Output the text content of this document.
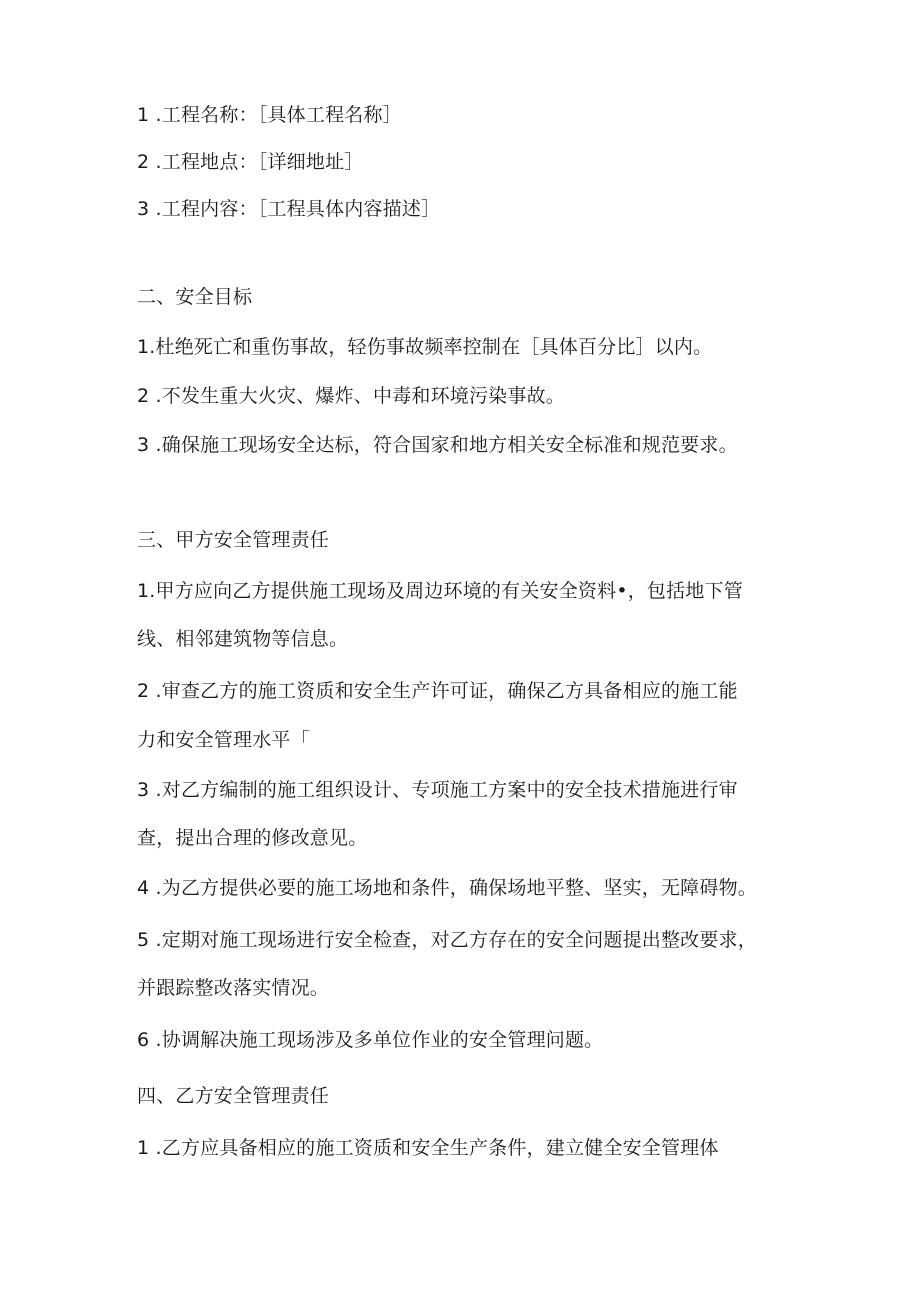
1 .工程名称：［具体工程名称］
2 .工程地点：［详细地址］
3 .工程内容：［工程具体内容描述］
二、安全目标
1.杜绝死亡和重伤事故，轻伤事故频率控制在［具体百分比］以内。
2 .不发生重大火灾、爆炸、中毒和环境污染事故。
3 .确保施工现场安全达标，符合国家和地方相关安全标准和规范要求。
三、甲方安全管理责任
1.甲方应向乙方提供施工现场及周边环境的有关安全资料•，包括地下管
线、相邻建筑物等信息。
2 .审查乙方的施工资质和安全生产许可证，确保乙方具备相应的施工能
力和安全管理水平「
3 .对乙方编制的施工组织设计、专项施工方案中的安全技术措施进行审
查，提出合理的修改意见。
4 .为乙方提供必要的施工场地和条件，确保场地平整、坚实，无障碍物。
5 .定期对施工现场进行安全检查，对乙方存在的安全问题提出整改要求，
并跟踪整改落实情况。
6 .协调解决施工现场涉及多单位作业的安全管理问题。
四、乙方安全管理责任
1 .乙方应具备相应的施工资质和安全生产条件，建立健全安全管理体
